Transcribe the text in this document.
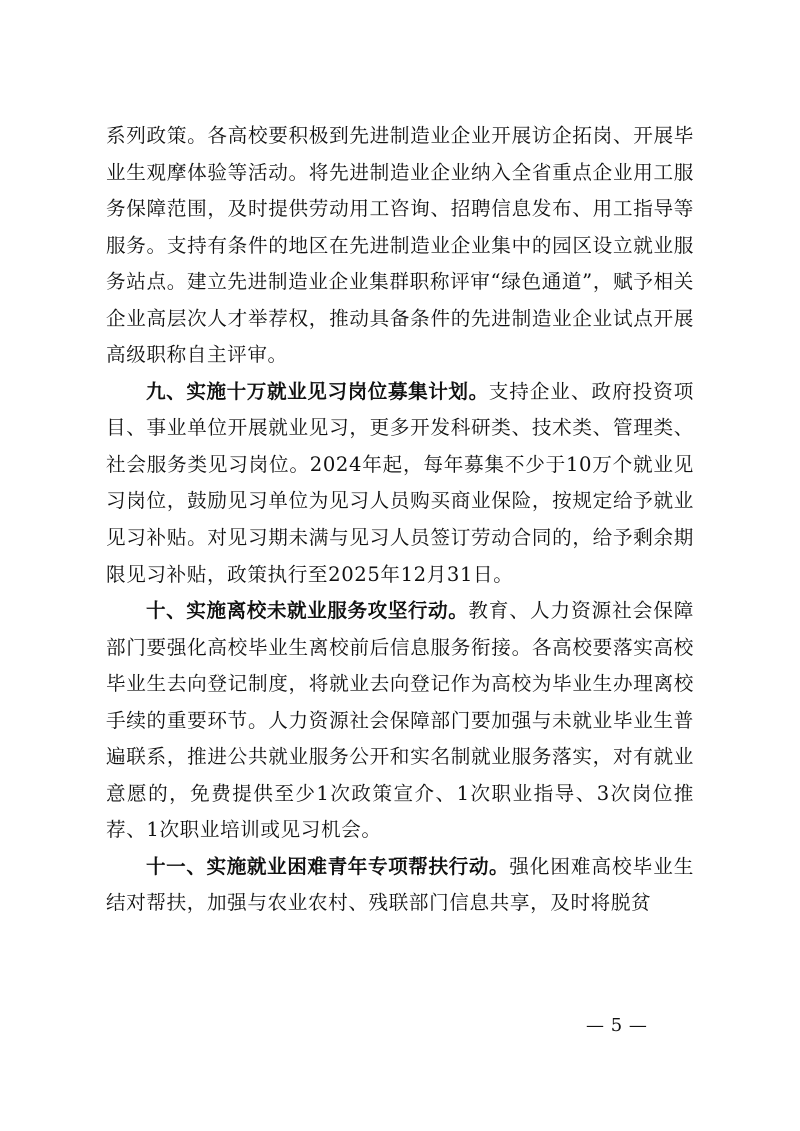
系列政策。各高校要积极到先进制造业企业开展访企拓岗、开展毕业生观摩体验等活动。将先进制造业企业纳入全省重点企业用工服务保障范围，及时提供劳动用工咨询、招聘信息发布、用工指导等服务。支持有条件的地区在先进制造业企业集中的园区设立就业服务站点。建立先进制造业企业集群职称评审“绿色通道”，赋予相关企业高层次人才举荐权，推动具备条件的先进制造业企业试点开展高级职称自主评审。

九、实施十万就业见习岗位募集计划。支持企业、政府投资项目、事业单位开展就业见习，更多开发科研类、技术类、管理类、社会服务类见习岗位。2024年起，每年募集不少于10万个就业见习岗位，鼓励见习单位为见习人员购买商业保险，按规定给予就业见习补贴。对见习期未满与见习人员签订劳动合同的，给予剩余期限见习补贴，政策执行至2025年12月31日。

十、实施离校未就业服务攻坚行动。教育、人力资源社会保障部门要强化高校毕业生离校前后信息服务衔接。各高校要落实高校毕业生去向登记制度，将就业去向登记作为高校为毕业生办理离校手续的重要环节。人力资源社会保障部门要加强与未就业毕业生普遍联系，推进公共就业服务公开和实名制就业服务落实，对有就业意愿的，免费提供至少1次政策宣介、1次职业指导、3次岗位推荐、1次职业培训或见习机会。

十一、实施就业困难青年专项帮扶行动。强化困难高校毕业生结对帮扶，加强与农业农村、残联部门信息共享，及时将脱贫

— 5 —
